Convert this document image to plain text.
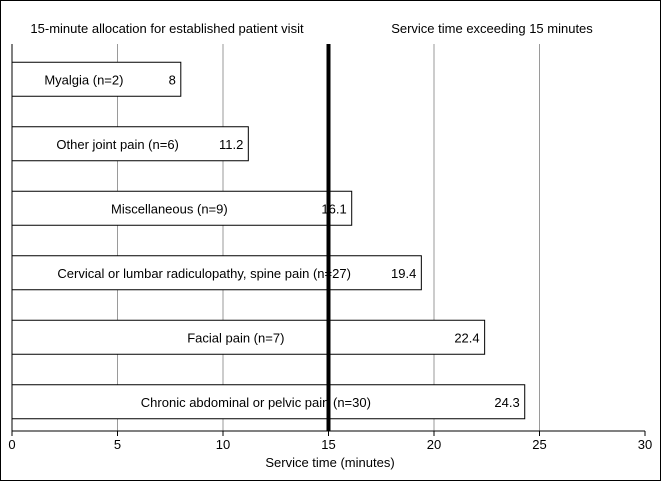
15-minute allocation for established patient visit	Service time exceeding 15 minutes
8
Myalgia (n=2)
11.2
Other joint pain (n=6)
16.1
Miscellaneous (n=9)
19.4
Cervical or lumbar radiculopathy, spine pain (n=27)
22.4
Facial pain (n=7)
24.3
Chronic abdominal or pelvic pain (n=30)
0	5	10	15	20	25	30
Service time (minutes)
